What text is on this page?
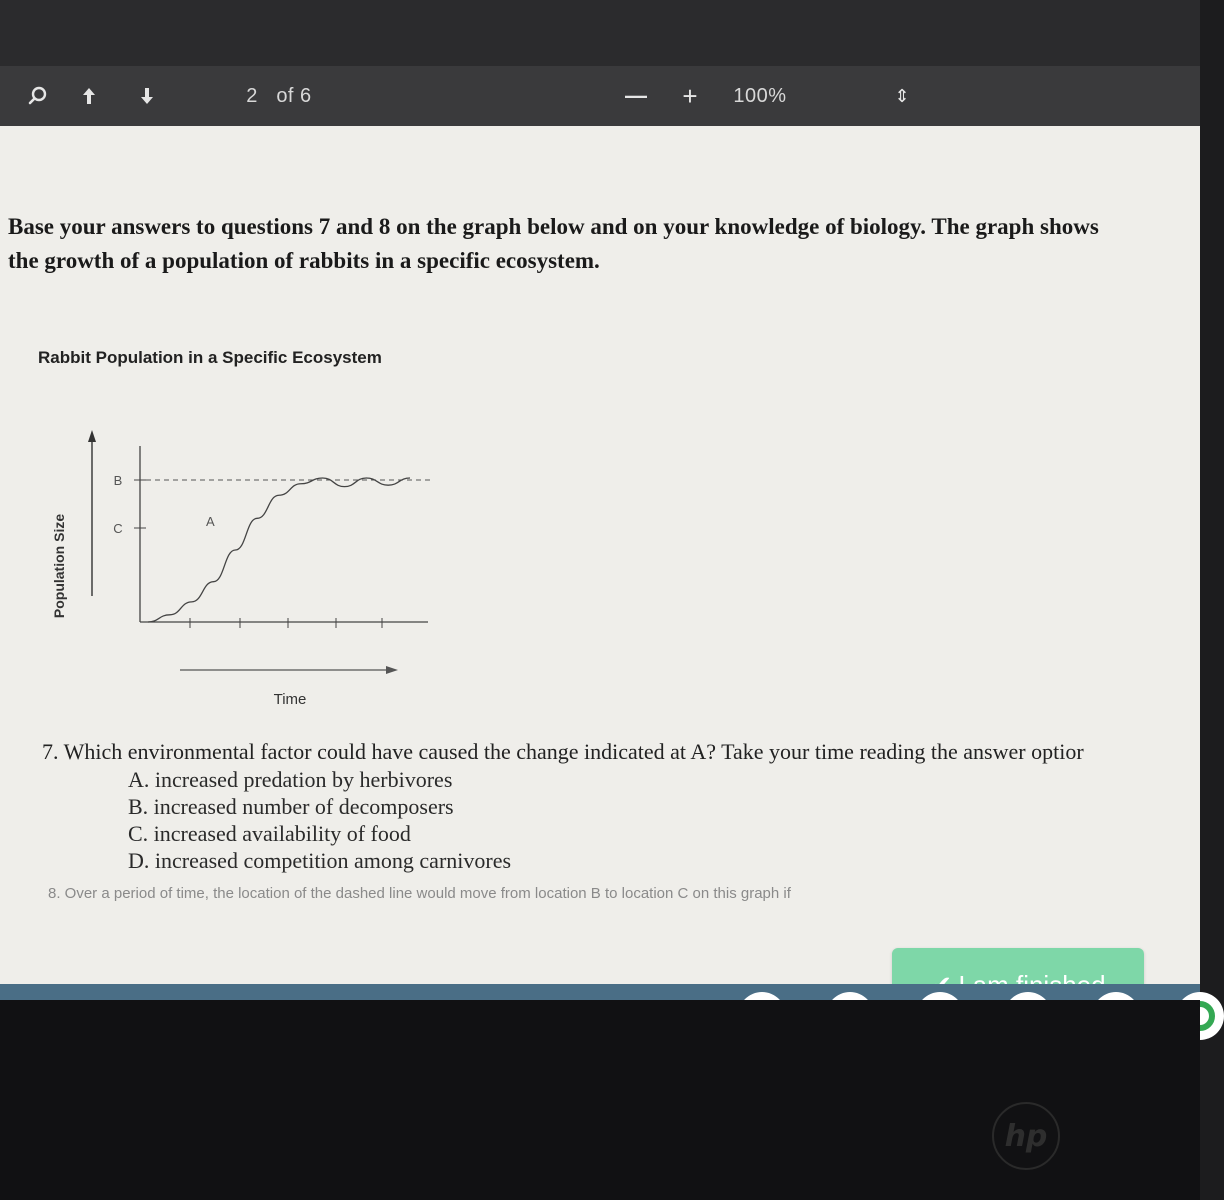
2 of 6	— +	100%	⇕
Base your answers to questions 7 and 8 on the graph below and on your knowledge of biology. The graph shows
the growth of a population of rabbits in a specific ecosystem.
Rabbit Population in a Specific Ecosystem
Population Size
B
C	A
Time

7. Which environmental factor could have caused the change indicated at A? Take your time reading the answer optior

A. increased predation by herbivores
B. increased number of decomposers
C. increased availability of food
D. increased competition among carnivores
8. Over a period of time, the location of the dashed line would move from location B to location C on this graph if
hp
